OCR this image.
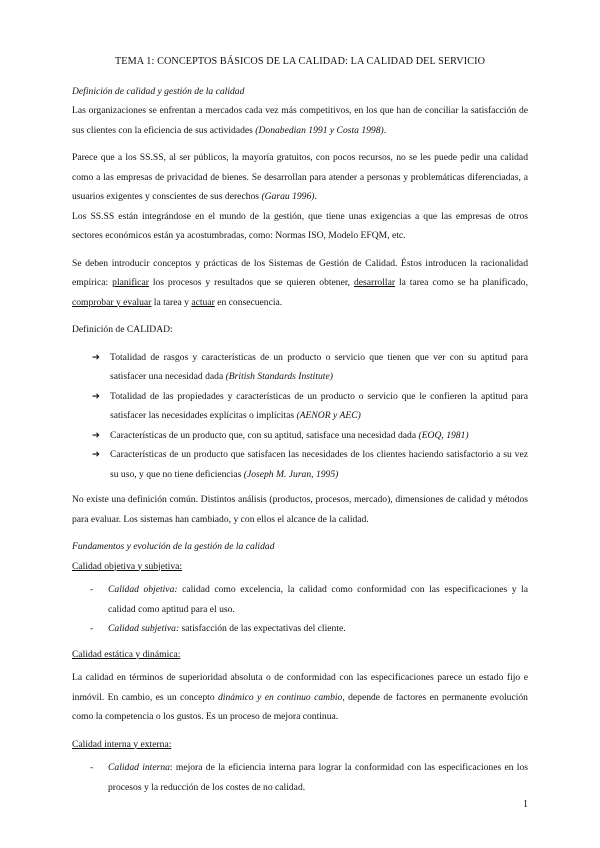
TEMA 1: CONCEPTOS BÁSICOS DE LA CALIDAD: LA CALIDAD DEL SERVICIO
Definición de calidad y gestión de la calidad

Las organizaciones se enfrentan a mercados cada vez más competitivos, en los que han de conciliar la satisfacción de sus clientes con la eficiencia de sus actividades (Donabedian 1991 y Costa 1998).

Parece que a los SS.SS, al ser públicos, la mayoría gratuitos, con pocos recursos, no se les puede pedir una calidad como a las empresas de privacidad de bienes. Se desarrollan para atender a personas y problemáticas diferenciadas, a usuarios exigentes y conscientes de sus derechos (Garau 1996).

Los SS.SS están integrándose en el mundo de la gestión, que tiene unas exigencias a que las empresas de otros sectores económicos están ya acostumbradas, como: Normas ISO, Modelo EFQM, etc.

Se deben introducir conceptos y prácticas de los Sistemas de Gestión de Calidad. Éstos introducen la racionalidad empírica: planificar los procesos y resultados que se quieren obtener, desarrollar la tarea como se ha planificado, comprobar y evaluar la tarea y actuar en consecuencia.

Definición de CALIDAD:

➔ Totalidad de rasgos y características de un producto o servicio que tienen que ver con su aptitud para satisfacer una necesidad dada (British Standards Institute)
➔ Totalidad de las propiedades y características de un producto o servicio que le confieren la aptitud para satisfacer las necesidades explícitas o implícitas (AENOR y AEC)
➔ Características de un producto que, con su aptitud, satisface una necesidad dada (EOQ, 1981)
➔ Características de un producto que satisfacen las necesidades de los clientes haciendo satisfactorio a su vez su uso, y que no tiene deficiencias (Joseph M. Juran, 1995)

No existe una definición común. Distintos análisis (productos, procesos, mercado), dimensiones de calidad y métodos para evaluar. Los sistemas han cambiado, y con ellos el alcance de la calidad.

Fundamentos y evolución de la gestión de la calidad
Calidad objetiva y subjetiva:
- Calidad objetiva: calidad como excelencia, la calidad como conformidad con las especificaciones y la calidad como aptitud para el uso.
- Calidad subjetiva: satisfacción de las expectativas del cliente.
Calidad estática y dinámica:

La calidad en términos de superioridad absoluta o de conformidad con las especificaciones parece un estado fijo e inmóvil. En cambio, es un concepto dinámico y en continuo cambio, depende de factores en permanente evolución como la competencia o los gustos. Es un proceso de mejora continua.

Calidad interna y externa:
- Calidad interna: mejora de la eficiencia interna para lograr la conformidad con las especificaciones en los procesos y la reducción de los costes de no calidad.
1
